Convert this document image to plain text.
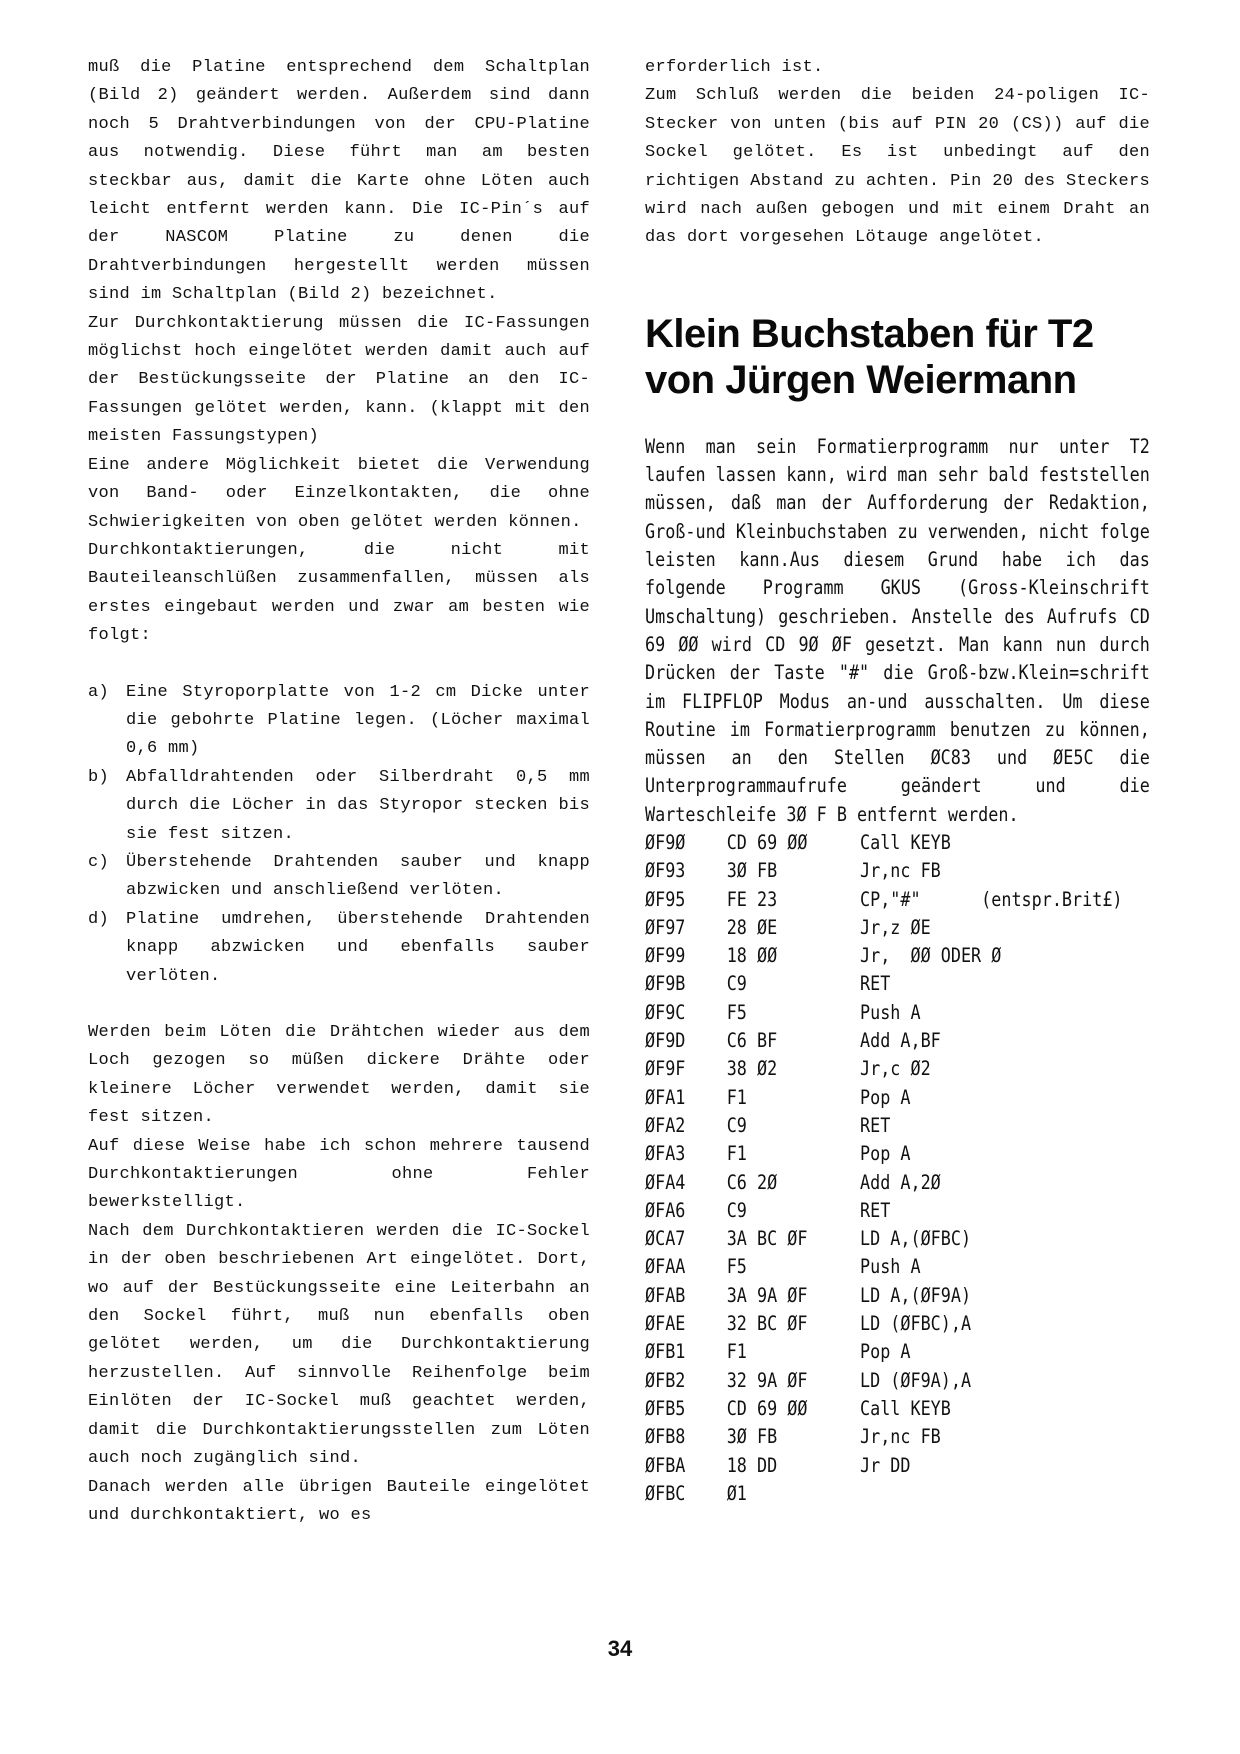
muß die Platine entsprechend dem Schaltplan (Bild 2) geändert werden. Außerdem sind dann noch 5 Drahtverbindungen von der CPU-Platine aus notwendig. Diese führt man am besten steckbar aus, damit die Karte ohne Löten auch leicht entfernt werden kann. Die IC-Pin´s auf der NASCOM Platine zu denen die Drahtverbindungen hergestellt werden müssen sind im Schaltplan (Bild 2) bezeichnet.

Zur Durchkontaktierung müssen die IC-Fassungen möglichst hoch eingelötet werden damit auch auf der Bestückungsseite der Platine an den IC-Fassungen gelötet werden, kann. (klappt mit den meisten Fassungstypen)

Eine andere Möglichkeit bietet die Verwendung von Band- oder Einzelkontakten, die ohne Schwierigkeiten von oben gelötet werden können.

Durchkontaktierungen, die nicht mit Bauteileanschlüßen zusammenfallen, müssen als erstes eingebaut werden und zwar am besten wie folgt:

a) Eine Styroporplatte von 1-2 cm Dicke unter die gebohrte Platine legen. (Löcher maximal 0,6 mm)
b) Abfalldrahtenden oder Silberdraht 0,5 mm durch die Löcher in das Styropor stecken bis sie fest sitzen.
c) Überstehende Drahtenden sauber und knapp abzwicken und anschließend verlöten.
d) Platine umdrehen, überstehende Drahtenden knapp abzwicken und ebenfalls sauber verlöten.

Werden beim Löten die Drähtchen wieder aus dem Loch gezogen so müßen dickere Drähte oder kleinere Löcher verwendet werden, damit sie fest sitzen.

Auf diese Weise habe ich schon mehrere tausend Durchkontaktierungen ohne Fehler bewerkstelligt.

Nach dem Durchkontaktieren werden die IC-Sockel in der oben beschriebenen Art eingelötet. Dort, wo auf der Bestückungsseite eine Leiterbahn an den Sockel führt, muß nun ebenfalls oben gelötet werden, um die Durchkontaktierung herzustellen. Auf sinnvolle Reihenfolge beim Einlöten der IC-Sockel muß geachtet werden, damit die Durchkontaktierungsstellen zum Löten auch noch zugänglich sind.

Danach werden alle übrigen Bauteile eingelötet und durchkontaktiert, wo es

erforderlich ist.

Zum Schluß werden die beiden 24-poligen IC-Stecker von unten (bis auf PIN 20 (CS)) auf die Sockel gelötet. Es ist unbedingt auf den richtigen Abstand zu achten. Pin 20 des Steckers wird nach außen gebogen und mit einem Draht an das dort vorgesehen Lötauge angelötet.

Klein Buchstaben für T2
von Jürgen Weiermann

Wenn man sein Formatierprogramm nur unter T2 laufen lassen kann, wird man sehr bald feststellen müssen, daß man der Aufforderung der Redaktion, Groß-und Kleinbuchstaben zu verwenden, nicht folge leisten kann.Aus diesem Grund habe ich das folgende Programm GKUS (Gross-Kleinschrift Umschaltung) geschrieben. Anstelle des Aufrufs CD 69 ØØ wird CD 9Ø ØF gesetzt. Man kann nun durch Drücken der Taste "#" die Groß-bzw.Klein=schrift im FLIPFLOP Modus an-und ausschalten. Um diese Routine im Formatierprogramm benutzen zu können, müssen an den Stellen ØC83 und ØE5C die Unterprogrammaufrufe geändert und die Warteschleife 3Ø F B entfernt werden.

ØF9Ø	CD 69 ØØ	Call KEYB
ØF93	3Ø FB	Jr,nc FB
ØF95	FE 23	CP,"#"      (entspr.Brit£)
ØF97	28 ØE	Jr,z ØE
ØF99	18 ØØ	Jr,  ØØ ODER Ø
ØF9B	C9	RET
ØF9C	F5	Push A
ØF9D	C6 BF	Add A,BF
ØF9F	38 Ø2	Jr,c Ø2
ØFA1	F1	Pop A
ØFA2	C9	RET
ØFA3	F1	Pop A
ØFA4	C6 2Ø	Add A,2Ø
ØFA6	C9	RET
ØCA7	3A BC ØF	LD A,(ØFBC)
ØFAA	F5	Push A
ØFAB	3A 9A ØF	LD A,(ØF9A)
ØFAE	32 BC ØF	LD (ØFBC),A
ØFB1	F1	Pop A
ØFB2	32 9A ØF	LD (ØF9A),A
ØFB5	CD 69 ØØ	Call KEYB
ØFB8	3Ø FB	Jr,nc FB
ØFBA	18 DD	Jr DD
ØFBC	Ø1
34
